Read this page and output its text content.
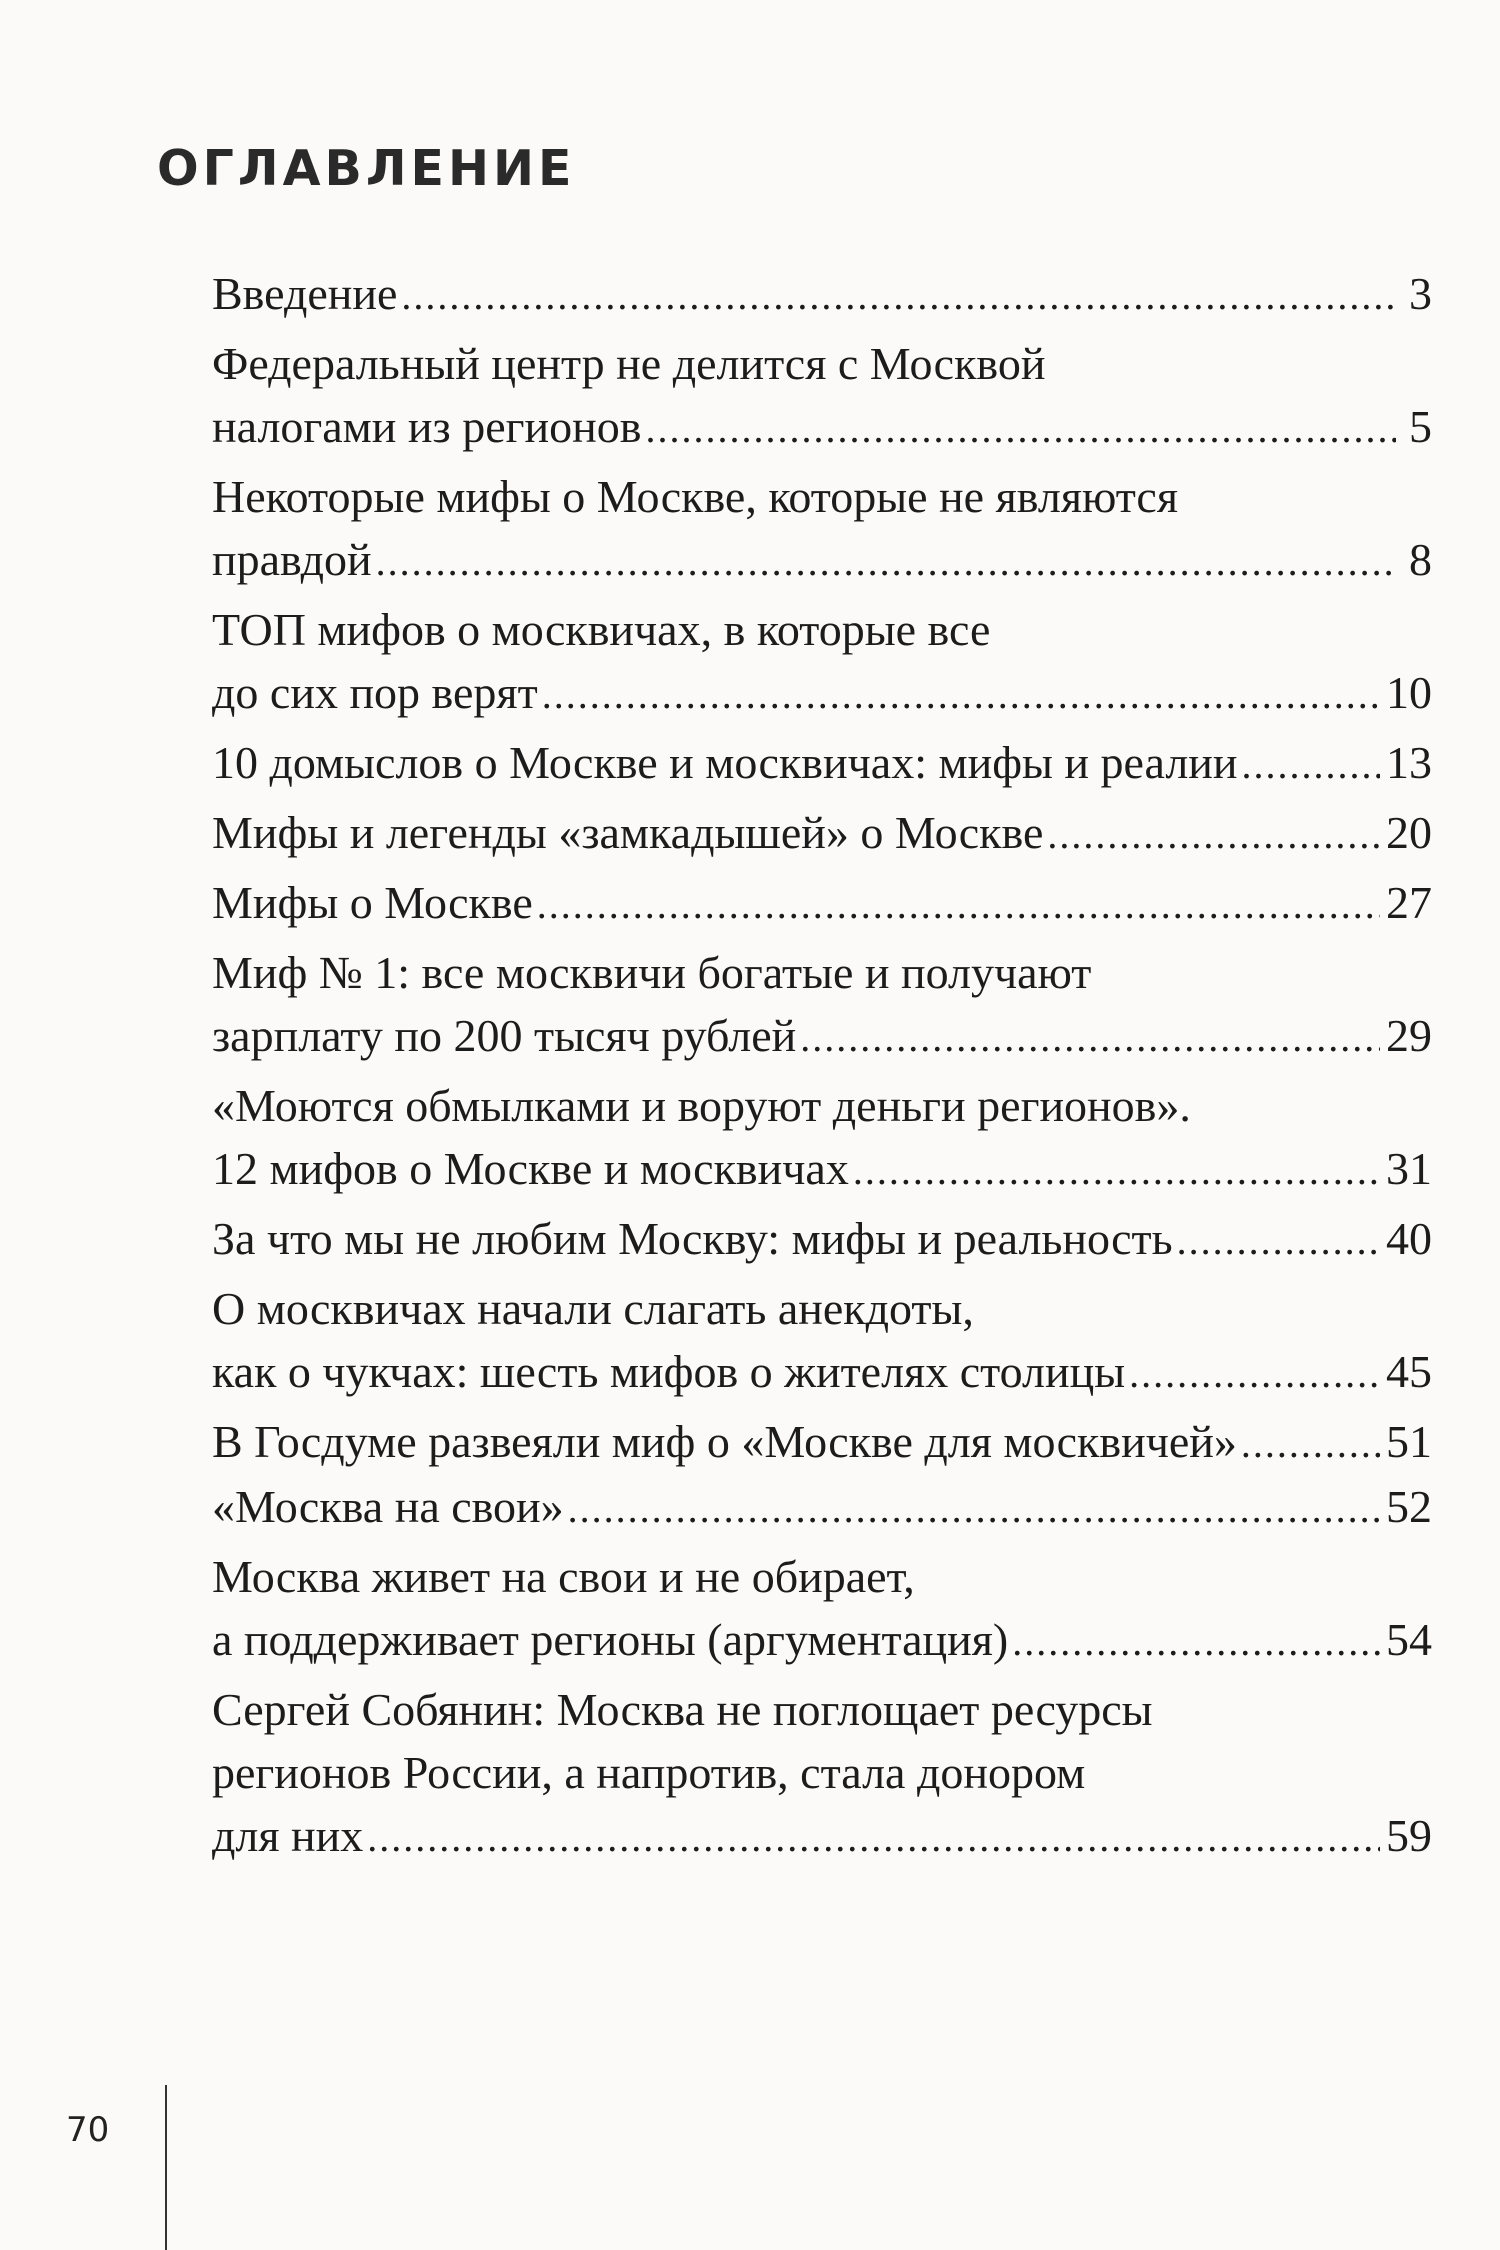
ОГЛАВЛЕНИЕ
Введение .....	3
Федеральный центр не делится с Москвой
налогами из регионов .....	5
Некоторые мифы о Москве, которые не являются
правдой .....	8
ТОП мифов о москвичах, в которые все
до сих пор верят .....	10
10 домыслов о Москве и москвичах: мифы и реалии .....	13
Мифы и легенды «замкадышей» о Москве .....	20
Мифы о Москве .....	27
Миф № 1: все москвичи богатые и получают
зарплату по 200 тысяч рублей .....	29
«Моются обмылками и воруют деньги регионов».
12 мифов о Москве и москвичах .....	31
За что мы не любим Москву: мифы и реальность .....	40
О москвичах начали слагать анекдоты,
как о чукчах: шесть мифов о жителях столицы .....	45
В Госдуме развеяли миф о «Москве для москвичей» .....	51
«Москва на свои» .....	52
Москва живет на свои и не обирает,
а поддерживает регионы (аргументация) .....	54
Сергей Собянин: Москва не поглощает ресурсы
регионов России, а напротив, стала донором
для них .....	59
70
